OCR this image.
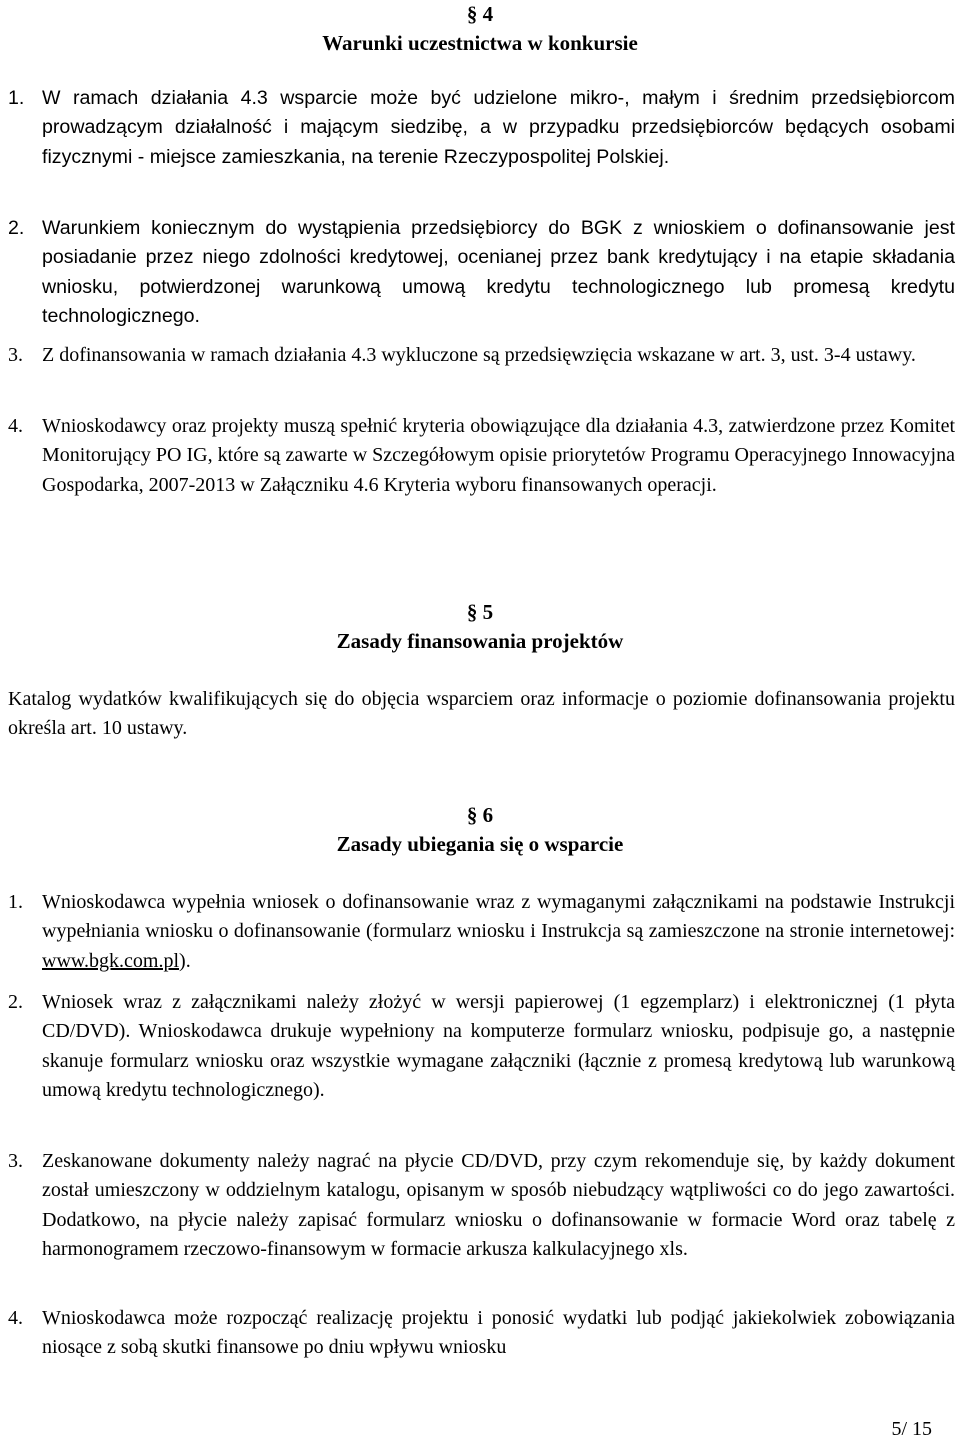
§ 4
Warunki uczestnictwa w konkursie
1. W ramach działania 4.3 wsparcie może być udzielone mikro-, małym i średnim przedsiębiorcom prowadzącym działalność i mającym siedzibę, a w przypadku przedsiębiorców będących osobami fizycznymi - miejsce zamieszkania, na terenie Rzeczypospolitej Polskiej.
2. Warunkiem koniecznym do wystąpienia przedsiębiorcy do BGK z wnioskiem o dofinansowanie jest posiadanie przez niego zdolności kredytowej, ocenianej przez bank kredytujący i na etapie składania wniosku, potwierdzonej warunkową umową kredytu technologicznego lub promesą kredytu technologicznego.
3. Z dofinansowania w ramach działania 4.3 wykluczone są przedsięwzięcia wskazane w art. 3, ust. 3-4 ustawy.
4. Wnioskodawcy oraz projekty muszą spełnić kryteria obowiązujące dla działania 4.3, zatwierdzone przez Komitet Monitorujący PO IG, które są zawarte w Szczegółowym opisie priorytetów Programu Operacyjnego Innowacyjna Gospodarka, 2007-2013 w Załączniku 4.6 Kryteria wyboru finansowanych operacji.
§ 5
Zasady finansowania projektów
Katalog wydatków kwalifikujących się do objęcia wsparciem oraz informacje o poziomie dofinansowania projektu określa art. 10 ustawy.
§ 6
Zasady ubiegania się o wsparcie
1. Wnioskodawca wypełnia wniosek o dofinansowanie wraz z wymaganymi załącznikami na podstawie Instrukcji wypełniania wniosku o dofinansowanie (formularz wniosku i Instrukcja są zamieszczone na stronie internetowej: www.bgk.com.pl).
2. Wniosek wraz z załącznikami należy złożyć w wersji papierowej (1 egzemplarz) i elektronicznej (1 płyta CD/DVD). Wnioskodawca drukuje wypełniony na komputerze formularz wniosku, podpisuje go, a następnie skanuje formularz wniosku oraz wszystkie wymagane załączniki (łącznie z promesą kredytową lub warunkową umową kredytu technologicznego).
3. Zeskanowane dokumenty należy nagrać na płycie CD/DVD, przy czym rekomenduje się, by każdy dokument został umieszczony w oddzielnym katalogu, opisanym w sposób niebudzący wątpliwości co do jego zawartości. Dodatkowo, na płycie należy zapisać formularz wniosku o dofinansowanie w formacie Word oraz tabelę z harmonogramem rzeczowo-finansowym w formacie arkusza kalkulacyjnego xls.
4. Wnioskodawca może rozpocząć realizację projektu i ponosić wydatki lub podjąć jakiekolwiek zobowiązania niosące z sobą skutki finansowe po dniu wpływu wniosku
5/ 15
